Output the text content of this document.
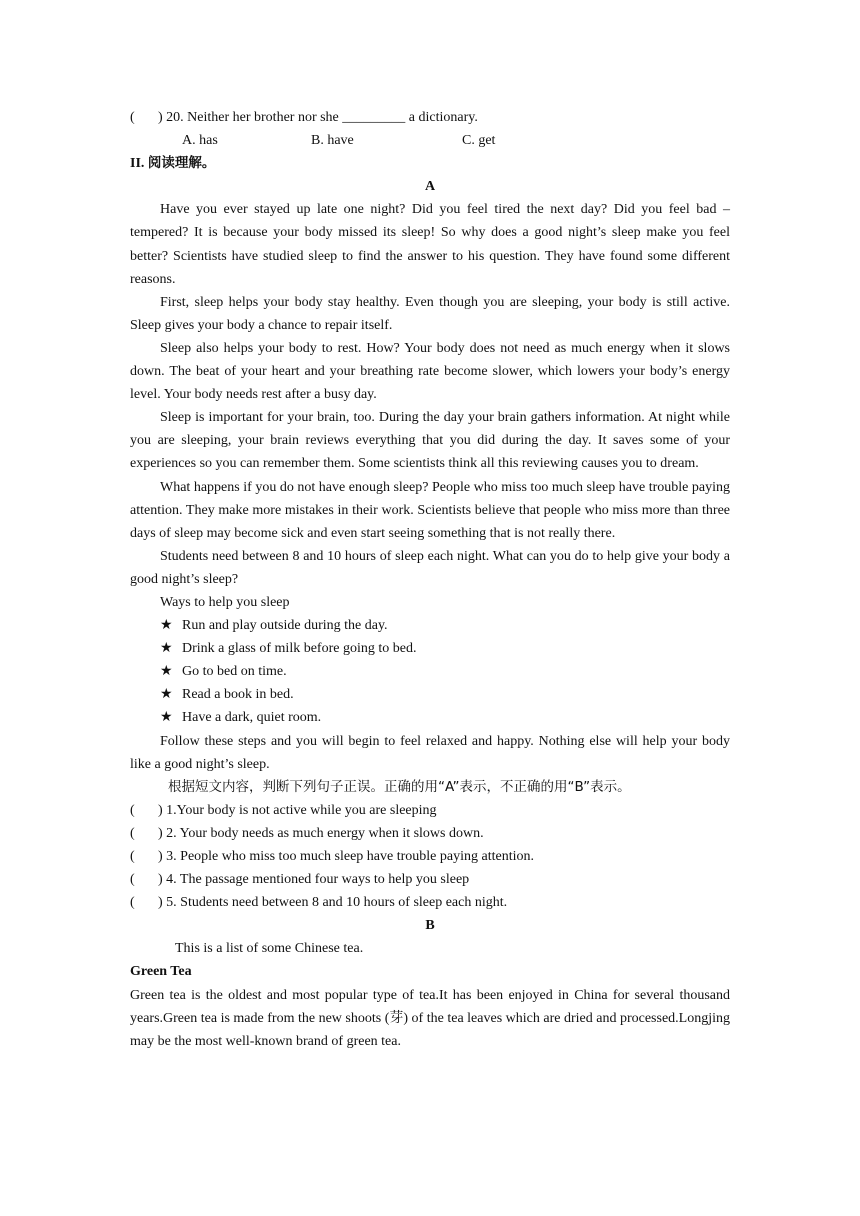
( ) 20. Neither her brother nor she _________ a dictionary.
A. has	B. have	C. get
II. 阅读理解。
A
Have you ever stayed up late one night? Did you feel tired the next day? Did you feel bad –tempered? It is because your body missed its sleep! So why does a good night’s sleep make you feel better? Scientists have studied sleep to find the answer to his question. They have found some different reasons.
First, sleep helps your body stay healthy. Even though you are sleeping, your body is still active. Sleep gives your body a chance to repair itself.
Sleep also helps your body to rest. How? Your body does not need as much energy when it slows down. The beat of your heart and your breathing rate become slower, which lowers your body’s energy level. Your body needs rest after a busy day.
Sleep is important for your brain, too. During the day your brain gathers information. At night while you are sleeping, your brain reviews everything that you did during the day. It saves some of your experiences so you can remember them. Some scientists think all this reviewing causes you to dream.
What happens if you do not have enough sleep? People who miss too much sleep have trouble paying attention. They make more mistakes in their work. Scientists believe that people who miss more than three days of sleep may become sick and even start seeing something that is not really there.
Students need between 8 and 10 hours of sleep each night. What can you do to help give your body a good night’s sleep?
Ways to help you sleep
★ Run and play outside during the day.
★ Drink a glass of milk before going to bed.
★ Go to bed on time.
★ Read a book in bed.
★ Have a dark, quiet room.
Follow these steps and you will begin to feel relaxed and happy. Nothing else will help your body like a good night’s sleep.
根据短文内容，判断下列句子正误。正确的用“A”表示，不正确的用“B”表示。
( ) 1.Your body is not active while you are sleeping
( ) 2. Your body needs as much energy when it slows down.
( ) 3. People who miss too much sleep have trouble paying attention.
( ) 4. The passage mentioned four ways to help you sleep
( ) 5. Students need between 8 and 10 hours of sleep each night.
B
This is a list of some Chinese tea.
Green Tea
Green tea is the oldest and most popular type of tea.It has been enjoyed in China for several thousand years.Green tea is made from the new shoots (芽) of the tea leaves which are dried and processed.Longjing may be the most well-known brand of green tea.
